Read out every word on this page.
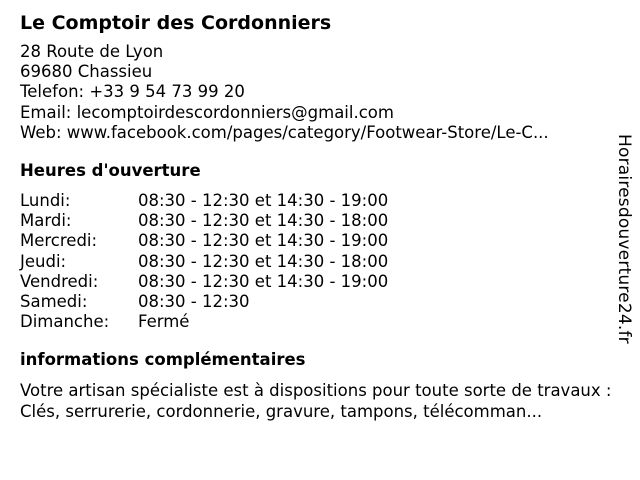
Le Comptoir des Cordonniers
28 Route de Lyon
69680 Chassieu
Telefon: +33 9 54 73 99 20
Email: lecomptoirdescordonniers@gmail.com
Web: www.facebook.com/pages/category/Footwear-Store/Le-C...
Heures d'ouverture
Lundi:	08:30 - 12:30 et 14:30 - 19:00
Mardi:	08:30 - 12:30 et 14:30 - 18:00
Mercredi:	08:30 - 12:30 et 14:30 - 19:00
Jeudi:	08:30 - 12:30 et 14:30 - 18:00
Vendredi:	08:30 - 12:30 et 14:30 - 19:00
Samedi:	08:30 - 12:30
Dimanche:	Fermé
informations complémentaires
Votre artisan spécialiste est à dispositions pour toute sorte de travaux : Clés, serrurerie, cordonnerie, gravure, tampons, télécomman...
Horairesdouverture24.fr
